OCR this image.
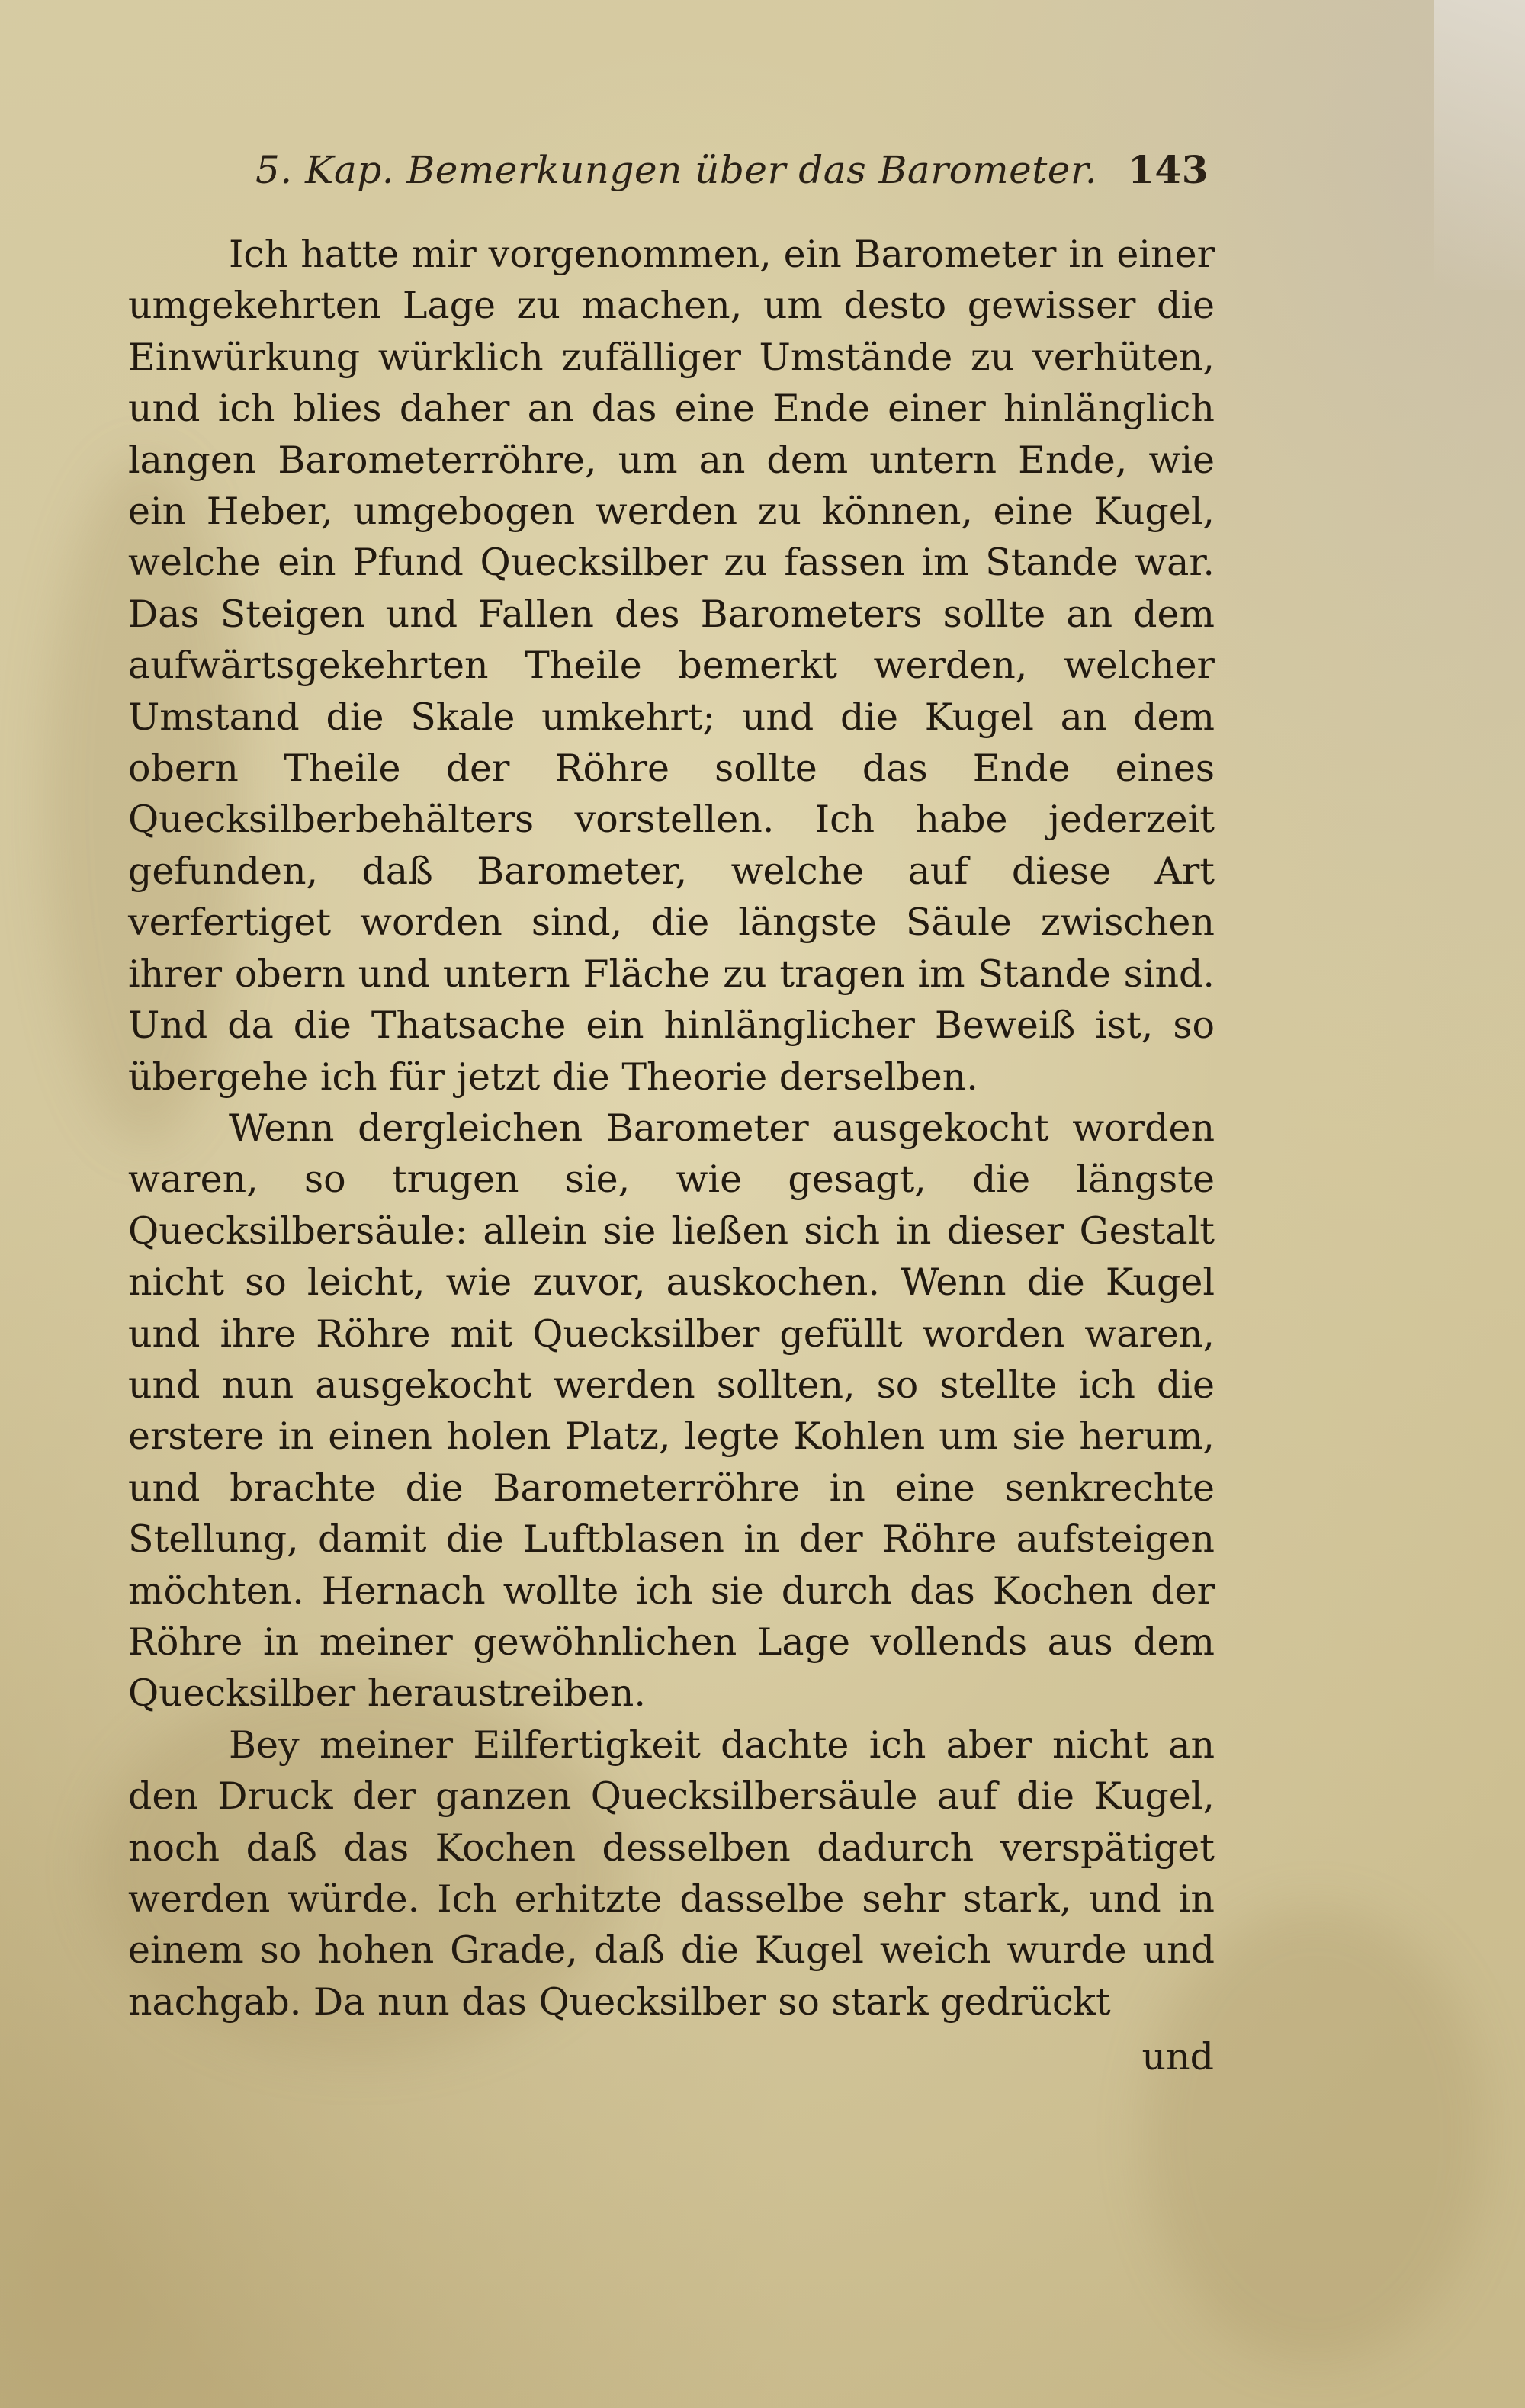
5. Kap. Bemerkungen über das Barometer. 143

Ich hatte mir vorgenommen, ein Barometer in einer umgekehrten Lage zu machen, um desto gewisser die Einwürkung würklich zufälliger Umstände zu verhüten, und ich blies daher an das eine Ende einer hinlänglich langen Barometerröhre, um an dem untern Ende, wie ein Heber, umgebogen werden zu können, eine Kugel, welche ein Pfund Quecksilber zu fassen im Stande war. Das Steigen und Fallen des Barometers sollte an dem aufwärtsgekehrten Theile bemerkt werden, welcher Umstand die Skale umkehrt; und die Kugel an dem obern Theile der Röhre sollte das Ende eines Quecksilberbehälters vorstellen. Ich habe jederzeit gefunden, daß Barometer, welche auf diese Art verfertiget worden sind, die längste Säule zwischen ihrer obern und untern Fläche zu tragen im Stande sind. Und da die Thatsache ein hinlänglicher Beweiß ist, so übergehe ich für jetzt die Theorie derselben.

Wenn dergleichen Barometer ausgekocht worden waren, so trugen sie, wie gesagt, die längste Quecksilbersäule: allein sie ließen sich in dieser Gestalt nicht so leicht, wie zuvor, auskochen. Wenn die Kugel und ihre Röhre mit Quecksilber gefüllt worden waren, und nun ausgekocht werden sollten, so stellte ich die erstere in einen holen Platz, legte Kohlen um sie herum, und brachte die Barometerröhre in eine senkrechte Stellung, damit die Luftblasen in der Röhre aufsteigen möchten. Hernach wollte ich sie durch das Kochen der Röhre in meiner gewöhnlichen Lage vollends aus dem Quecksilber heraustreiben.

Bey meiner Eilfertigkeit dachte ich aber nicht an den Druck der ganzen Quecksilbersäule auf die Kugel, noch daß das Kochen desselben dadurch verspätiget werden würde. Ich erhitzte dasselbe sehr stark, und in einem so hohen Grade, daß die Kugel weich wurde und nachgab. Da nun das Quecksilber so stark gedrückt

und
